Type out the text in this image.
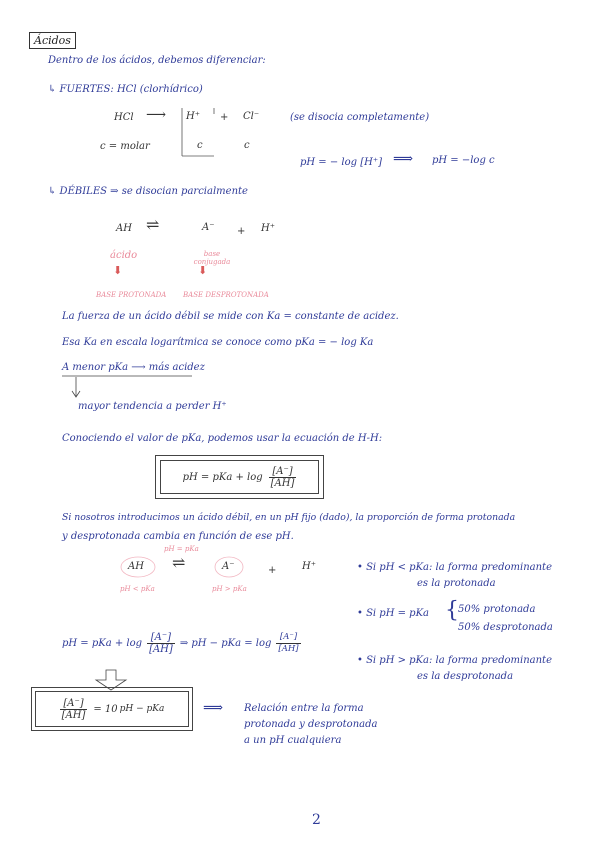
Ácidos
Dentro de los ácidos, debemos diferenciar:
↳ FUERTES: HCl (clorhídrico)
HCl ⟶ H⁺ + Cl⁻	(se disocia completamente)
c = molar	c	c
pH = − log [H⁺] ⟹ pH = −log c
↳ DÉBILES ⇒ se disocian parcialmente
AH ⇌	A⁻ + H⁺
ácido	base conjugada
⬇	⬇
BASE PROTONADA BASE DESPROTONADA
La fuerza de un ácido débil se mide con Ka = constante de acidez.
Esa Ka en escala logarítmica se conoce como pKa = − log Ka
A menor pKa ⟶ más acidez
mayor tendencia a perder H⁺
Conociendo el valor de pKa, podemos usar la ecuación de H-H:
pH = pKa + $\log \frac{[A^-]}{[AH]}$
Si nosotros introducimos un ácido débil, en un pH fijo (dado), la proporción de forma protonada
y desprotonada cambia en función de ese pH.
pH = pKa
AH ⇌	A⁻	+	H⁺
pH < pKa	pH > pKa
• Si pH < pKa: la forma predominante
es la protonada
• Si pH = pKa { 50% protonada
50% desprotonada
• Si pH > pKa: la forma predominante
es la desprotonada
pH = pKa + $\log \frac{[A^-]}{[AH]}$ ⇒ pH − pKa = $\log \frac{[A^-]}{[AH]}$
$\frac{[A^-]}{[AH]} = 10$ pH − pKa	⟹ Relación entre la forma
protonada y desprotonada
a un pH cualquiera
2
